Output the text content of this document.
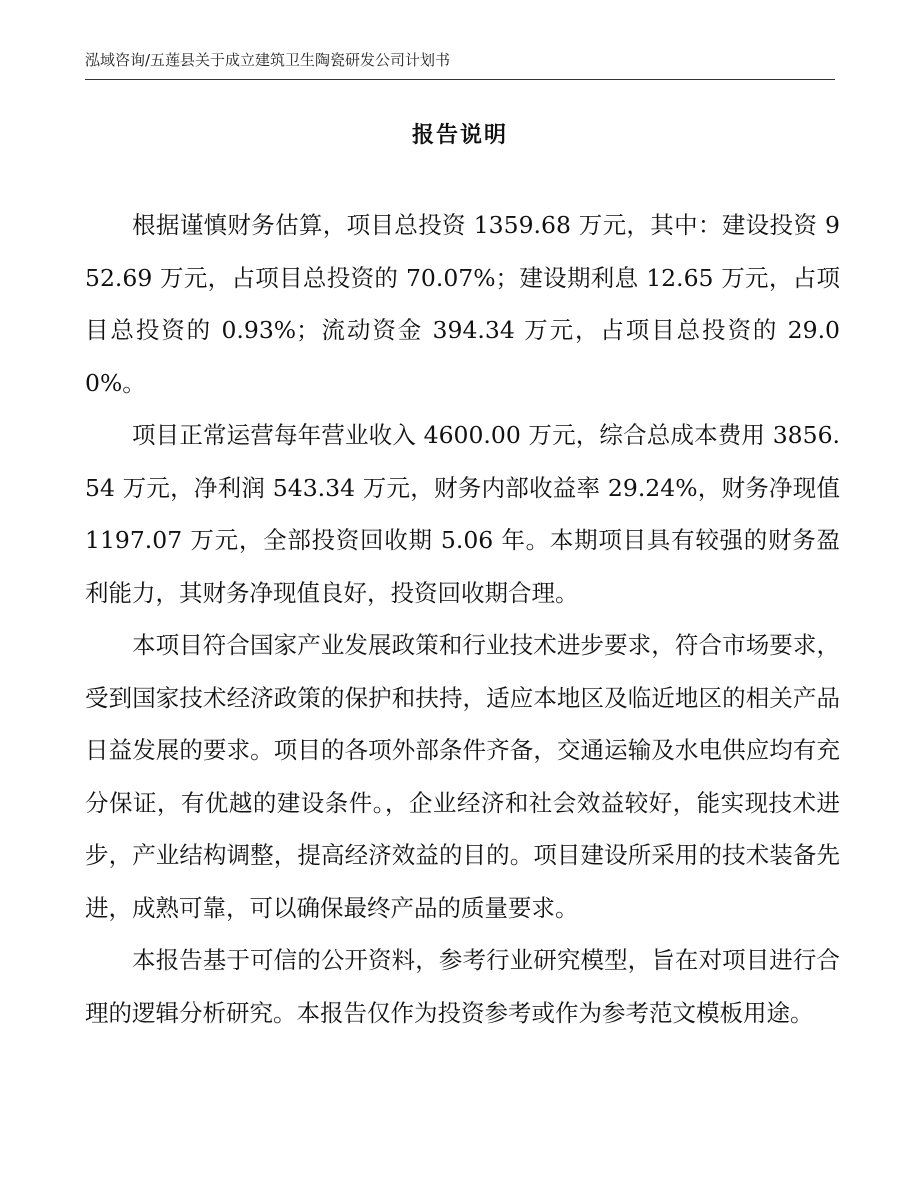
泓域咨询/五莲县关于成立建筑卫生陶瓷研发公司计划书
报告说明

根据谨慎财务估算，项目总投资 1359.68 万元，其中：建设投资 952.69 万元，占项目总投资的 70.07%；建设期利息 12.65 万元，占项目总投资的 0.93%；流动资金 394.34 万元，占项目总投资的 29.00%。

项目正常运营每年营业收入 4600.00 万元，综合总成本费用 3856.54 万元，净利润 543.34 万元，财务内部收益率 29.24%，财务净现值 1197.07 万元，全部投资回收期 5.06 年。本期项目具有较强的财务盈利能力，其财务净现值良好，投资回收期合理。

本项目符合国家产业发展政策和行业技术进步要求，符合市场要求，受到国家技术经济政策的保护和扶持，适应本地区及临近地区的相关产品日益发展的要求。项目的各项外部条件齐备，交通运输及水电供应均有充分保证，有优越的建设条件。，企业经济和社会效益较好，能实现技术进步，产业结构调整，提高经济效益的目的。项目建设所采用的技术装备先进，成熟可靠，可以确保最终产品的质量要求。

本报告基于可信的公开资料，参考行业研究模型，旨在对项目进行合理的逻辑分析研究。本报告仅作为投资参考或作为参考范文模板用途。
